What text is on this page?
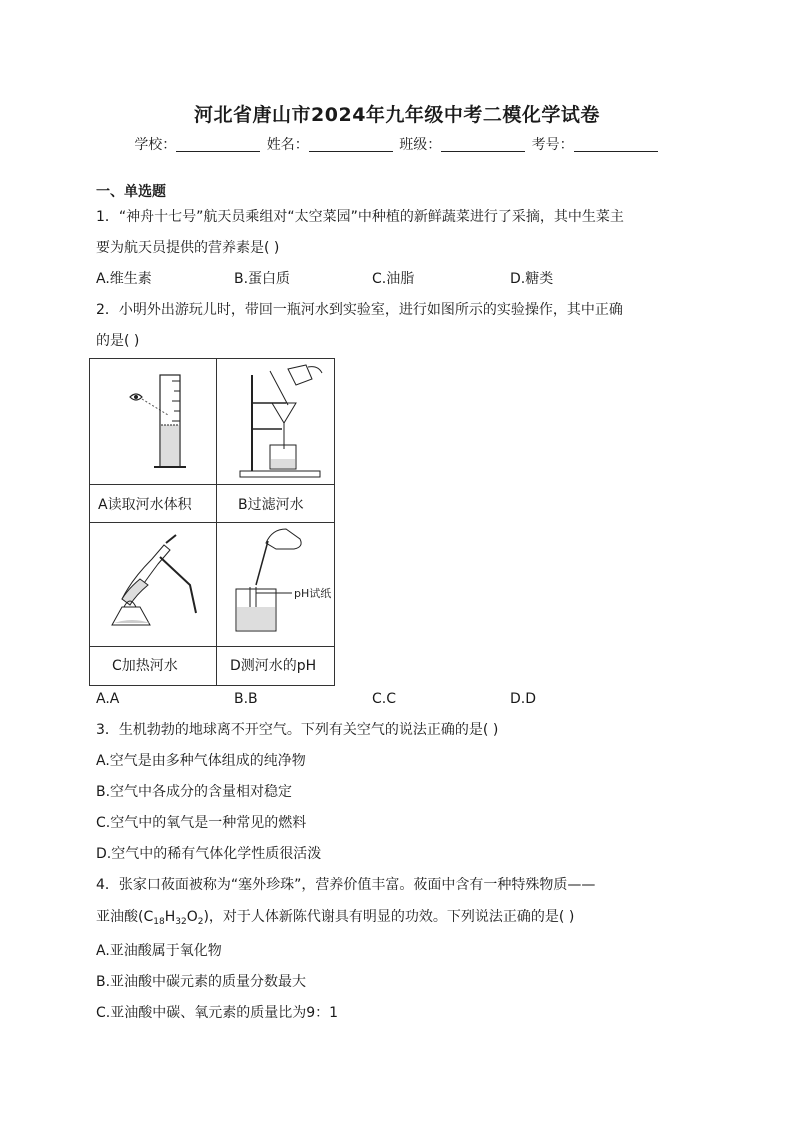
河北省唐山市2024年九年级中考二模化学试卷
学校：	姓名：	班级：	考号：
一、单选题
1．“神舟十七号”航天员乘组对“太空菜园”中种植的新鲜蔬菜进行了采摘，其中生菜主
要为航天员提供的营养素是( )
A.维生素	B.蛋白质	C.油脂	D.糖类
2．小明外出游玩儿时，带回一瓶河水到实验室，进行如图所示的实验操作，其中正确
的是( )
pH试纸
A读取河水体积	B过滤河水
C加热河水	D测河水的pH
A.A	B.B	C.C	D.D
3．生机勃勃的地球离不开空气。下列有关空气的说法正确的是( )
A.空气是由多种气体组成的纯净物
B.空气中各成分的含量相对稳定
C.空气中的氧气是一种常见的燃料
D.空气中的稀有气体化学性质很活泼
4．张家口莜面被称为“塞外珍珠”，营养价值丰富。莜面中含有一种特殊物质——
亚油酸$(C_{18}H_{32}O_2)$，对于人体新陈代谢具有明显的功效。下列说法正确的是( )
A.亚油酸属于氧化物
B.亚油酸中碳元素的质量分数最大
C.亚油酸中碳、氧元素的质量比为9：1
